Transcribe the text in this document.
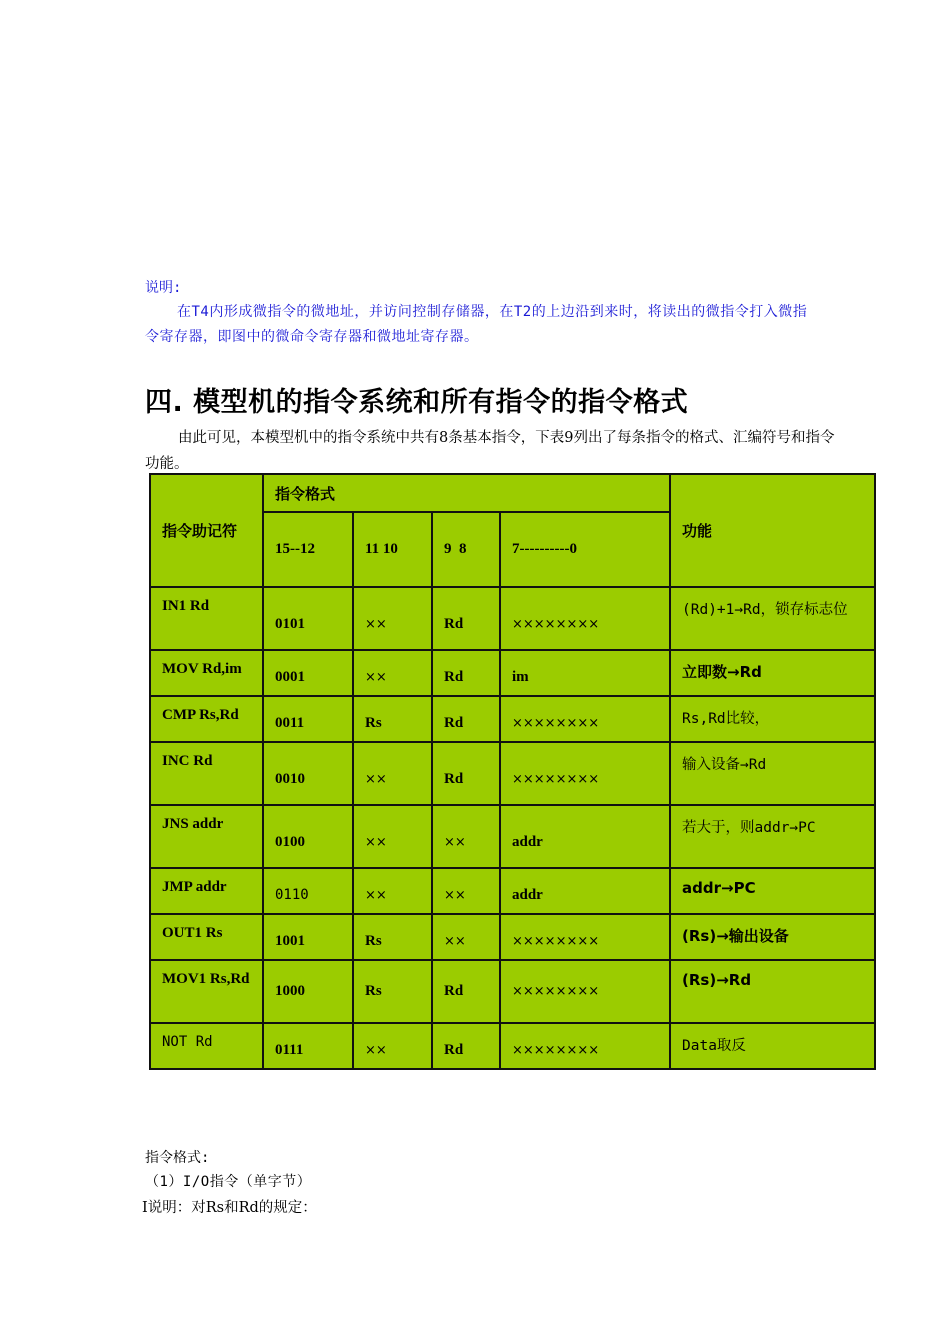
说明:
在T4内形成微指令的微地址，并访问控制存储器，在T2的上边沿到来时，将读出的微指令打入微指令寄存器，即图中的微命令寄存器和微地址寄存器。
四. 模型机的指令系统和所有指令的指令格式
由此可见，本模型机中的指令系统中共有8条基本指令，下表9列出了每条指令的格式、汇编符号和指令功能。
指令助记符	指令格式				功能
	15--12	11 10	9  8	7----------0	
IN1 Rd	0101	××	Rd	××××××××	(Rd)+1→Rd，锁存标志位
MOV Rd,im	0001	××	Rd	im	立即数→Rd
CMP Rs,Rd	0011	Rs	Rd	××××××××	Rs,Rd比较，
INC Rd	0010	××	Rd	××××××××	输入设备→Rd
JNS addr	0100	××	××	addr	若大于，则addr→PC
JMP addr	0110	××	××	addr	addr→PC
OUT1 Rs	1001	Rs	××	××××××××	(Rs)→输出设备
MOV1 Rs,Rd	1000	Rs	Rd	××××××××	(Rs)→Rd
NOT Rd	0111	××	Rd	××××××××	Data取反
指令格式:
（1）I/O指令（单字节）
I说明：对Rs和Rd的规定：
